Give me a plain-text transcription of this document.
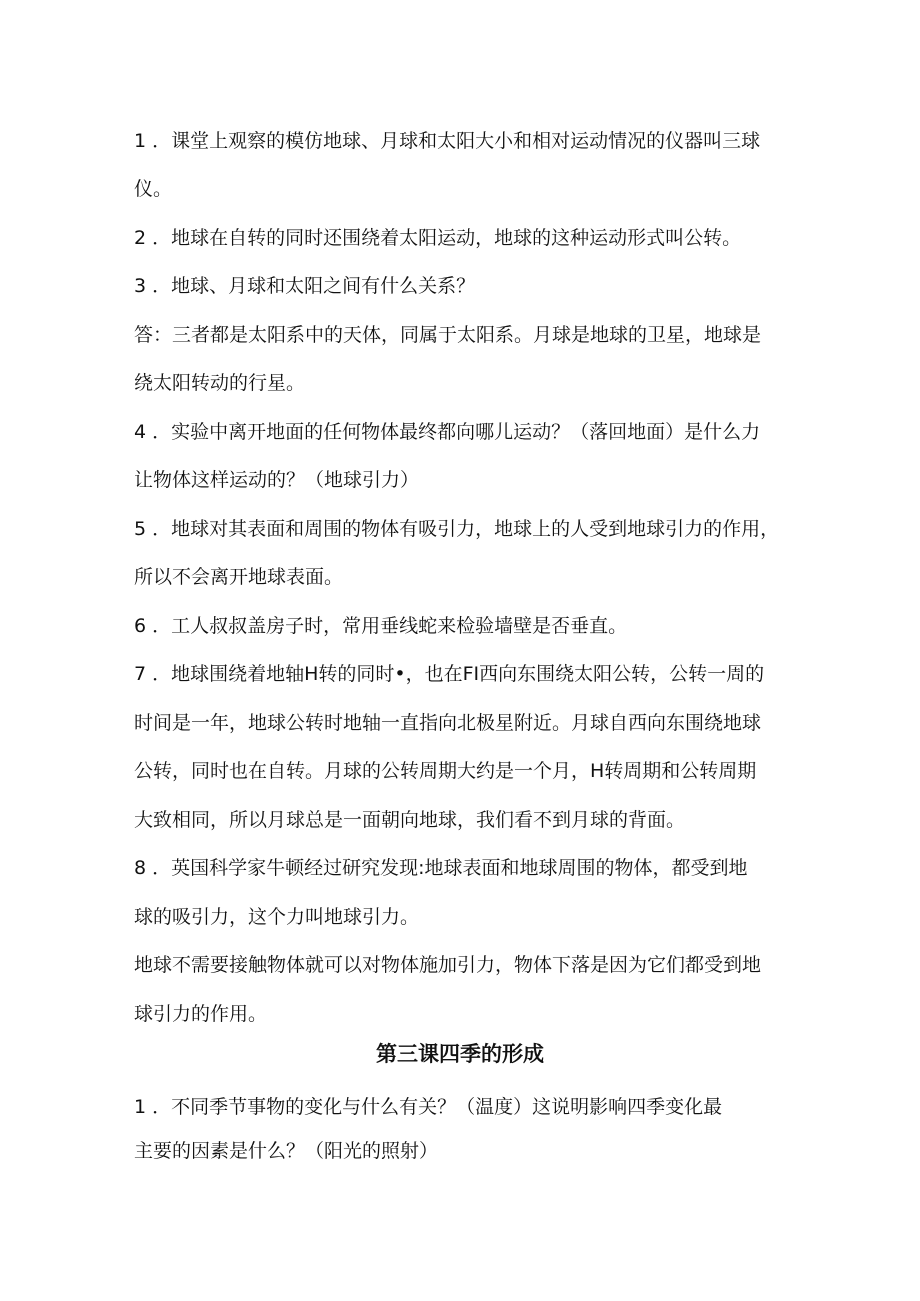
1 ．课堂上观察的模仿地球、月球和太阳大小和相对运动情况的仪器叫三球
仪。
2 ．地球在自转的同时还围绕着太阳运动，地球的这种运动形式叫公转。
3 ．地球、月球和太阳之间有什么关系？
答：三者都是太阳系中的天体，同属于太阳系。月球是地球的卫星，地球是
绕太阳转动的行星。
4 ．实验中离开地面的任何物体最终都向哪儿运动？（落回地面）是什么力
让物体这样运动的？（地球引力）
5 ．地球对其表面和周围的物体有吸引力，地球上的人受到地球引力的作用，
所以不会离开地球表面。
6 ．工人叔叔盖房子时，常用垂线蛇来检验墙壁是否垂直。
7 ．地球围绕着地轴H转的同时•，也在FI西向东围绕太阳公转，公转一周的
时间是一年，地球公转时地轴一直指向北极星附近。月球自西向东围绕地球
公转，同时也在自转。月球的公转周期大约是一个月，H转周期和公转周期
大致相同，所以月球总是一面朝向地球，我们看不到月球的背面。
8 ．英国科学家牛顿经过研究发现:地球表面和地球周围的物体，都受到地
球的吸引力，这个力叫地球引力。
地球不需要接触物体就可以对物体施加引力，物体下落是因为它们都受到地
球引力的作用。
第三课四季的形成
1 ．不同季节事物的变化与什么有关？（温度）这说明影响四季变化最
主要的因素是什么？（阳光的照射）
